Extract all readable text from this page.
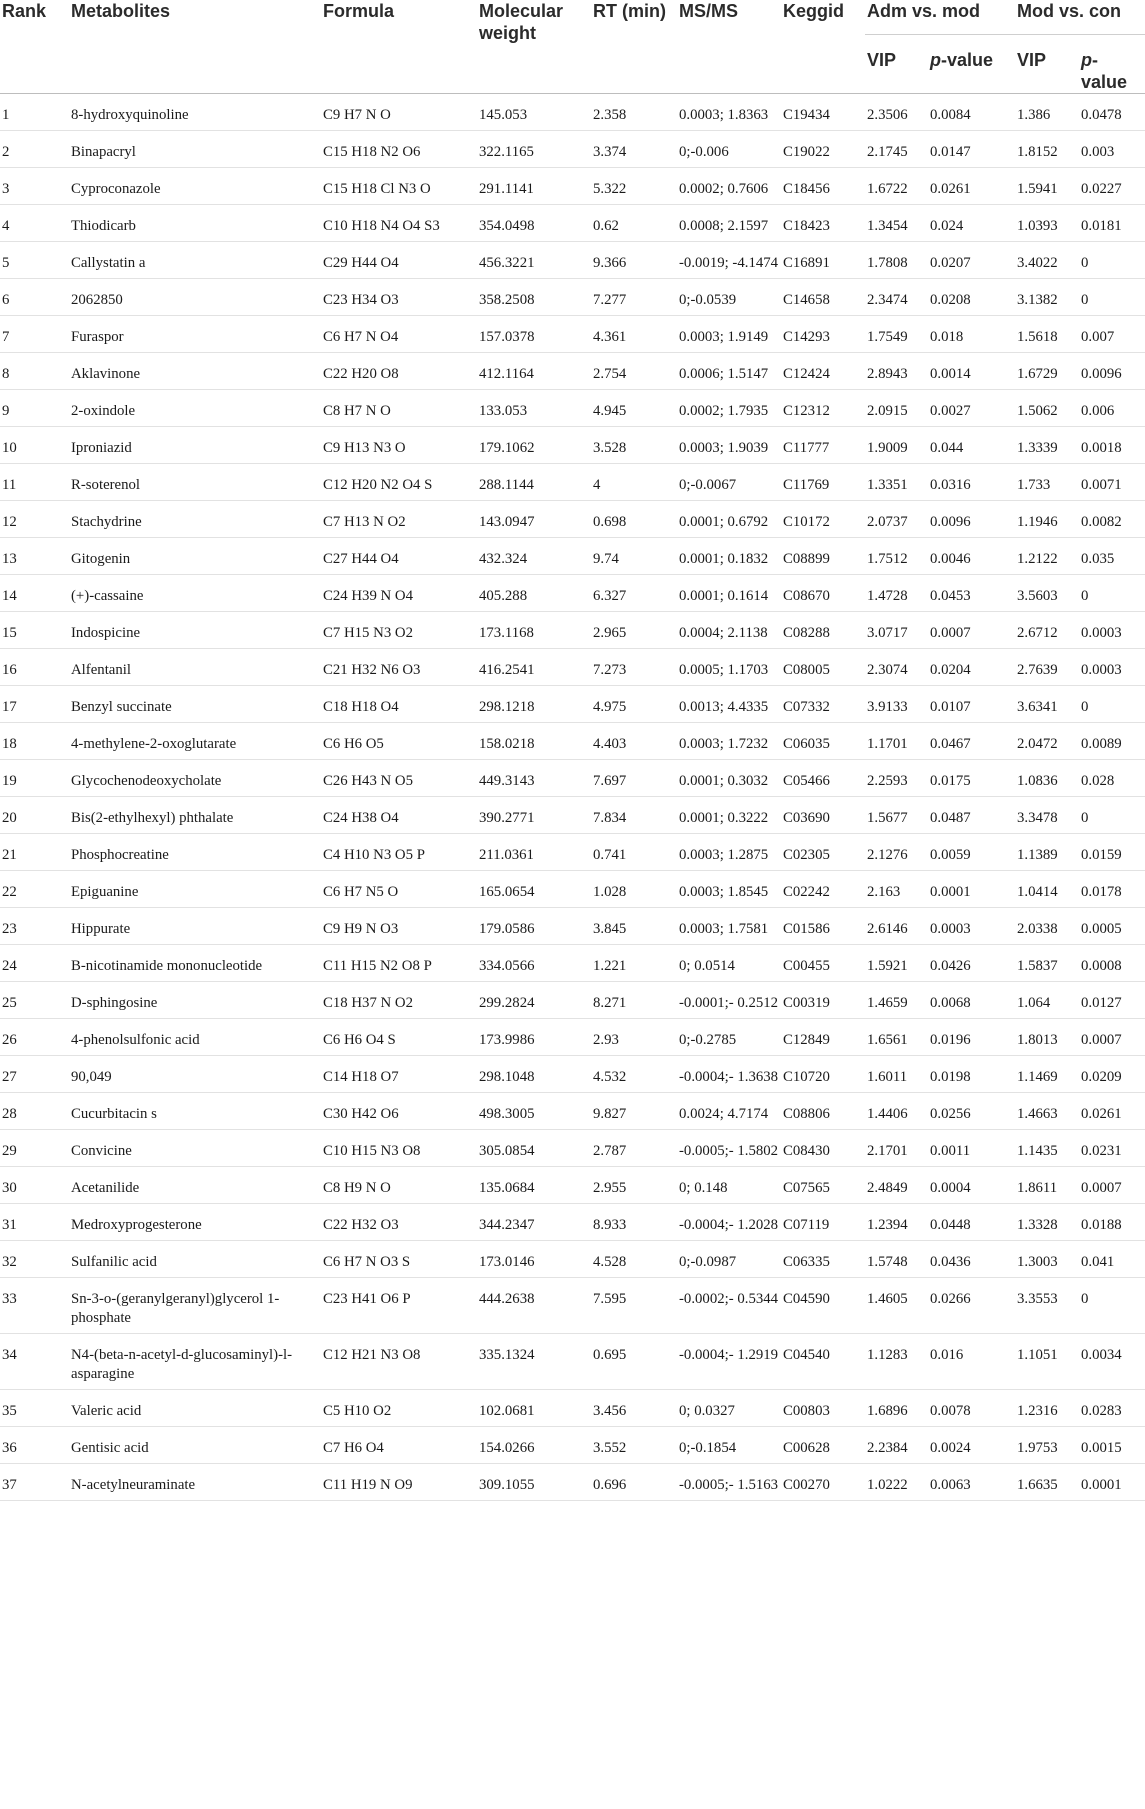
Rank	Metabolites	Formula	Molecular weight	RT (min)	MS/MS	Keggid	Adm vs. mod		Mod vs. con	
							VIP	p-value	VIP	p-value
1	8-hydroxyquinoline	C9 H7 N O	145.053	2.358	0.0003; 1.8363	C19434	2.3506	0.0084	1.386	0.0478
2	Binapacryl	C15 H18 N2 O6	322.1165	3.374	0;-0.006	C19022	2.1745	0.0147	1.8152	0.003
3	Cyproconazole	C15 H18 Cl N3 O	291.1141	5.322	0.0002; 0.7606	C18456	1.6722	0.0261	1.5941	0.0227
4	Thiodicarb	C10 H18 N4 O4 S3	354.0498	0.62	0.0008; 2.1597	C18423	1.3454	0.024	1.0393	0.0181
5	Callystatin a	C29 H44 O4	456.3221	9.366	-0.0019; -4.1474	C16891	1.7808	0.0207	3.4022	0
6	2062850	C23 H34 O3	358.2508	7.277	0;-0.0539	C14658	2.3474	0.0208	3.1382	0
7	Furaspor	C6 H7 N O4	157.0378	4.361	0.0003; 1.9149	C14293	1.7549	0.018	1.5618	0.007
8	Aklavinone	C22 H20 O8	412.1164	2.754	0.0006; 1.5147	C12424	2.8943	0.0014	1.6729	0.0096
9	2-oxindole	C8 H7 N O	133.053	4.945	0.0002; 1.7935	C12312	2.0915	0.0027	1.5062	0.006
10	Iproniazid	C9 H13 N3 O	179.1062	3.528	0.0003; 1.9039	C11777	1.9009	0.044	1.3339	0.0018
11	R-soterenol	C12 H20 N2 O4 S	288.1144	4	0;-0.0067	C11769	1.3351	0.0316	1.733	0.0071
12	Stachydrine	C7 H13 N O2	143.0947	0.698	0.0001; 0.6792	C10172	2.0737	0.0096	1.1946	0.0082
13	Gitogenin	C27 H44 O4	432.324	9.74	0.0001; 0.1832	C08899	1.7512	0.0046	1.2122	0.035
14	(+)-cassaine	C24 H39 N O4	405.288	6.327	0.0001; 0.1614	C08670	1.4728	0.0453	3.5603	0
15	Indospicine	C7 H15 N3 O2	173.1168	2.965	0.0004; 2.1138	C08288	3.0717	0.0007	2.6712	0.0003
16	Alfentanil	C21 H32 N6 O3	416.2541	7.273	0.0005; 1.1703	C08005	2.3074	0.0204	2.7639	0.0003
17	Benzyl succinate	C18 H18 O4	298.1218	4.975	0.0013; 4.4335	C07332	3.9133	0.0107	3.6341	0
18	4-methylene-2-oxoglutarate	C6 H6 O5	158.0218	4.403	0.0003; 1.7232	C06035	1.1701	0.0467	2.0472	0.0089
19	Glycochenodeoxycholate	C26 H43 N O5	449.3143	7.697	0.0001; 0.3032	C05466	2.2593	0.0175	1.0836	0.028
20	Bis(2-ethylhexyl) phthalate	C24 H38 O4	390.2771	7.834	0.0001; 0.3222	C03690	1.5677	0.0487	3.3478	0
21	Phosphocreatine	C4 H10 N3 O5 P	211.0361	0.741	0.0003; 1.2875	C02305	2.1276	0.0059	1.1389	0.0159
22	Epiguanine	C6 H7 N5 O	165.0654	1.028	0.0003; 1.8545	C02242	2.163	0.0001	1.0414	0.0178
23	Hippurate	C9 H9 N O3	179.0586	3.845	0.0003; 1.7581	C01586	2.6146	0.0003	2.0338	0.0005
24	B-nicotinamide mononucleotide	C11 H15 N2 O8 P	334.0566	1.221	0; 0.0514	C00455	1.5921	0.0426	1.5837	0.0008
25	D-sphingosine	C18 H37 N O2	299.2824	8.271	-0.0001;- 0.2512	C00319	1.4659	0.0068	1.064	0.0127
26	4-phenolsulfonic acid	C6 H6 O4 S	173.9986	2.93	0;-0.2785	C12849	1.6561	0.0196	1.8013	0.0007
27	90,049	C14 H18 O7	298.1048	4.532	-0.0004;- 1.3638	C10720	1.6011	0.0198	1.1469	0.0209
28	Cucurbitacin s	C30 H42 O6	498.3005	9.827	0.0024; 4.7174	C08806	1.4406	0.0256	1.4663	0.0261
29	Convicine	C10 H15 N3 O8	305.0854	2.787	-0.0005;- 1.5802	C08430	2.1701	0.0011	1.1435	0.0231
30	Acetanilide	C8 H9 N O	135.0684	2.955	0; 0.148	C07565	2.4849	0.0004	1.8611	0.0007
31	Medroxyprogesterone	C22 H32 O3	344.2347	8.933	-0.0004;- 1.2028	C07119	1.2394	0.0448	1.3328	0.0188
32	Sulfanilic acid	C6 H7 N O3 S	173.0146	4.528	0;-0.0987	C06335	1.5748	0.0436	1.3003	0.041
33	Sn-3-o-(geranylgeranyl)glycerol 1-phosphate	C23 H41 O6 P	444.2638	7.595	-0.0002;- 0.5344	C04590	1.4605	0.0266	3.3553	0
34	N4-(beta-n-acetyl-d-glucosaminyl)-l-asparagine	C12 H21 N3 O8	335.1324	0.695	-0.0004;- 1.2919	C04540	1.1283	0.016	1.1051	0.0034
35	Valeric acid	C5 H10 O2	102.0681	3.456	0; 0.0327	C00803	1.6896	0.0078	1.2316	0.0283
36	Gentisic acid	C7 H6 O4	154.0266	3.552	0;-0.1854	C00628	2.2384	0.0024	1.9753	0.0015
37	N-acetylneuraminate	C11 H19 N O9	309.1055	0.696	-0.0005;- 1.5163	C00270	1.0222	0.0063	1.6635	0.0001
